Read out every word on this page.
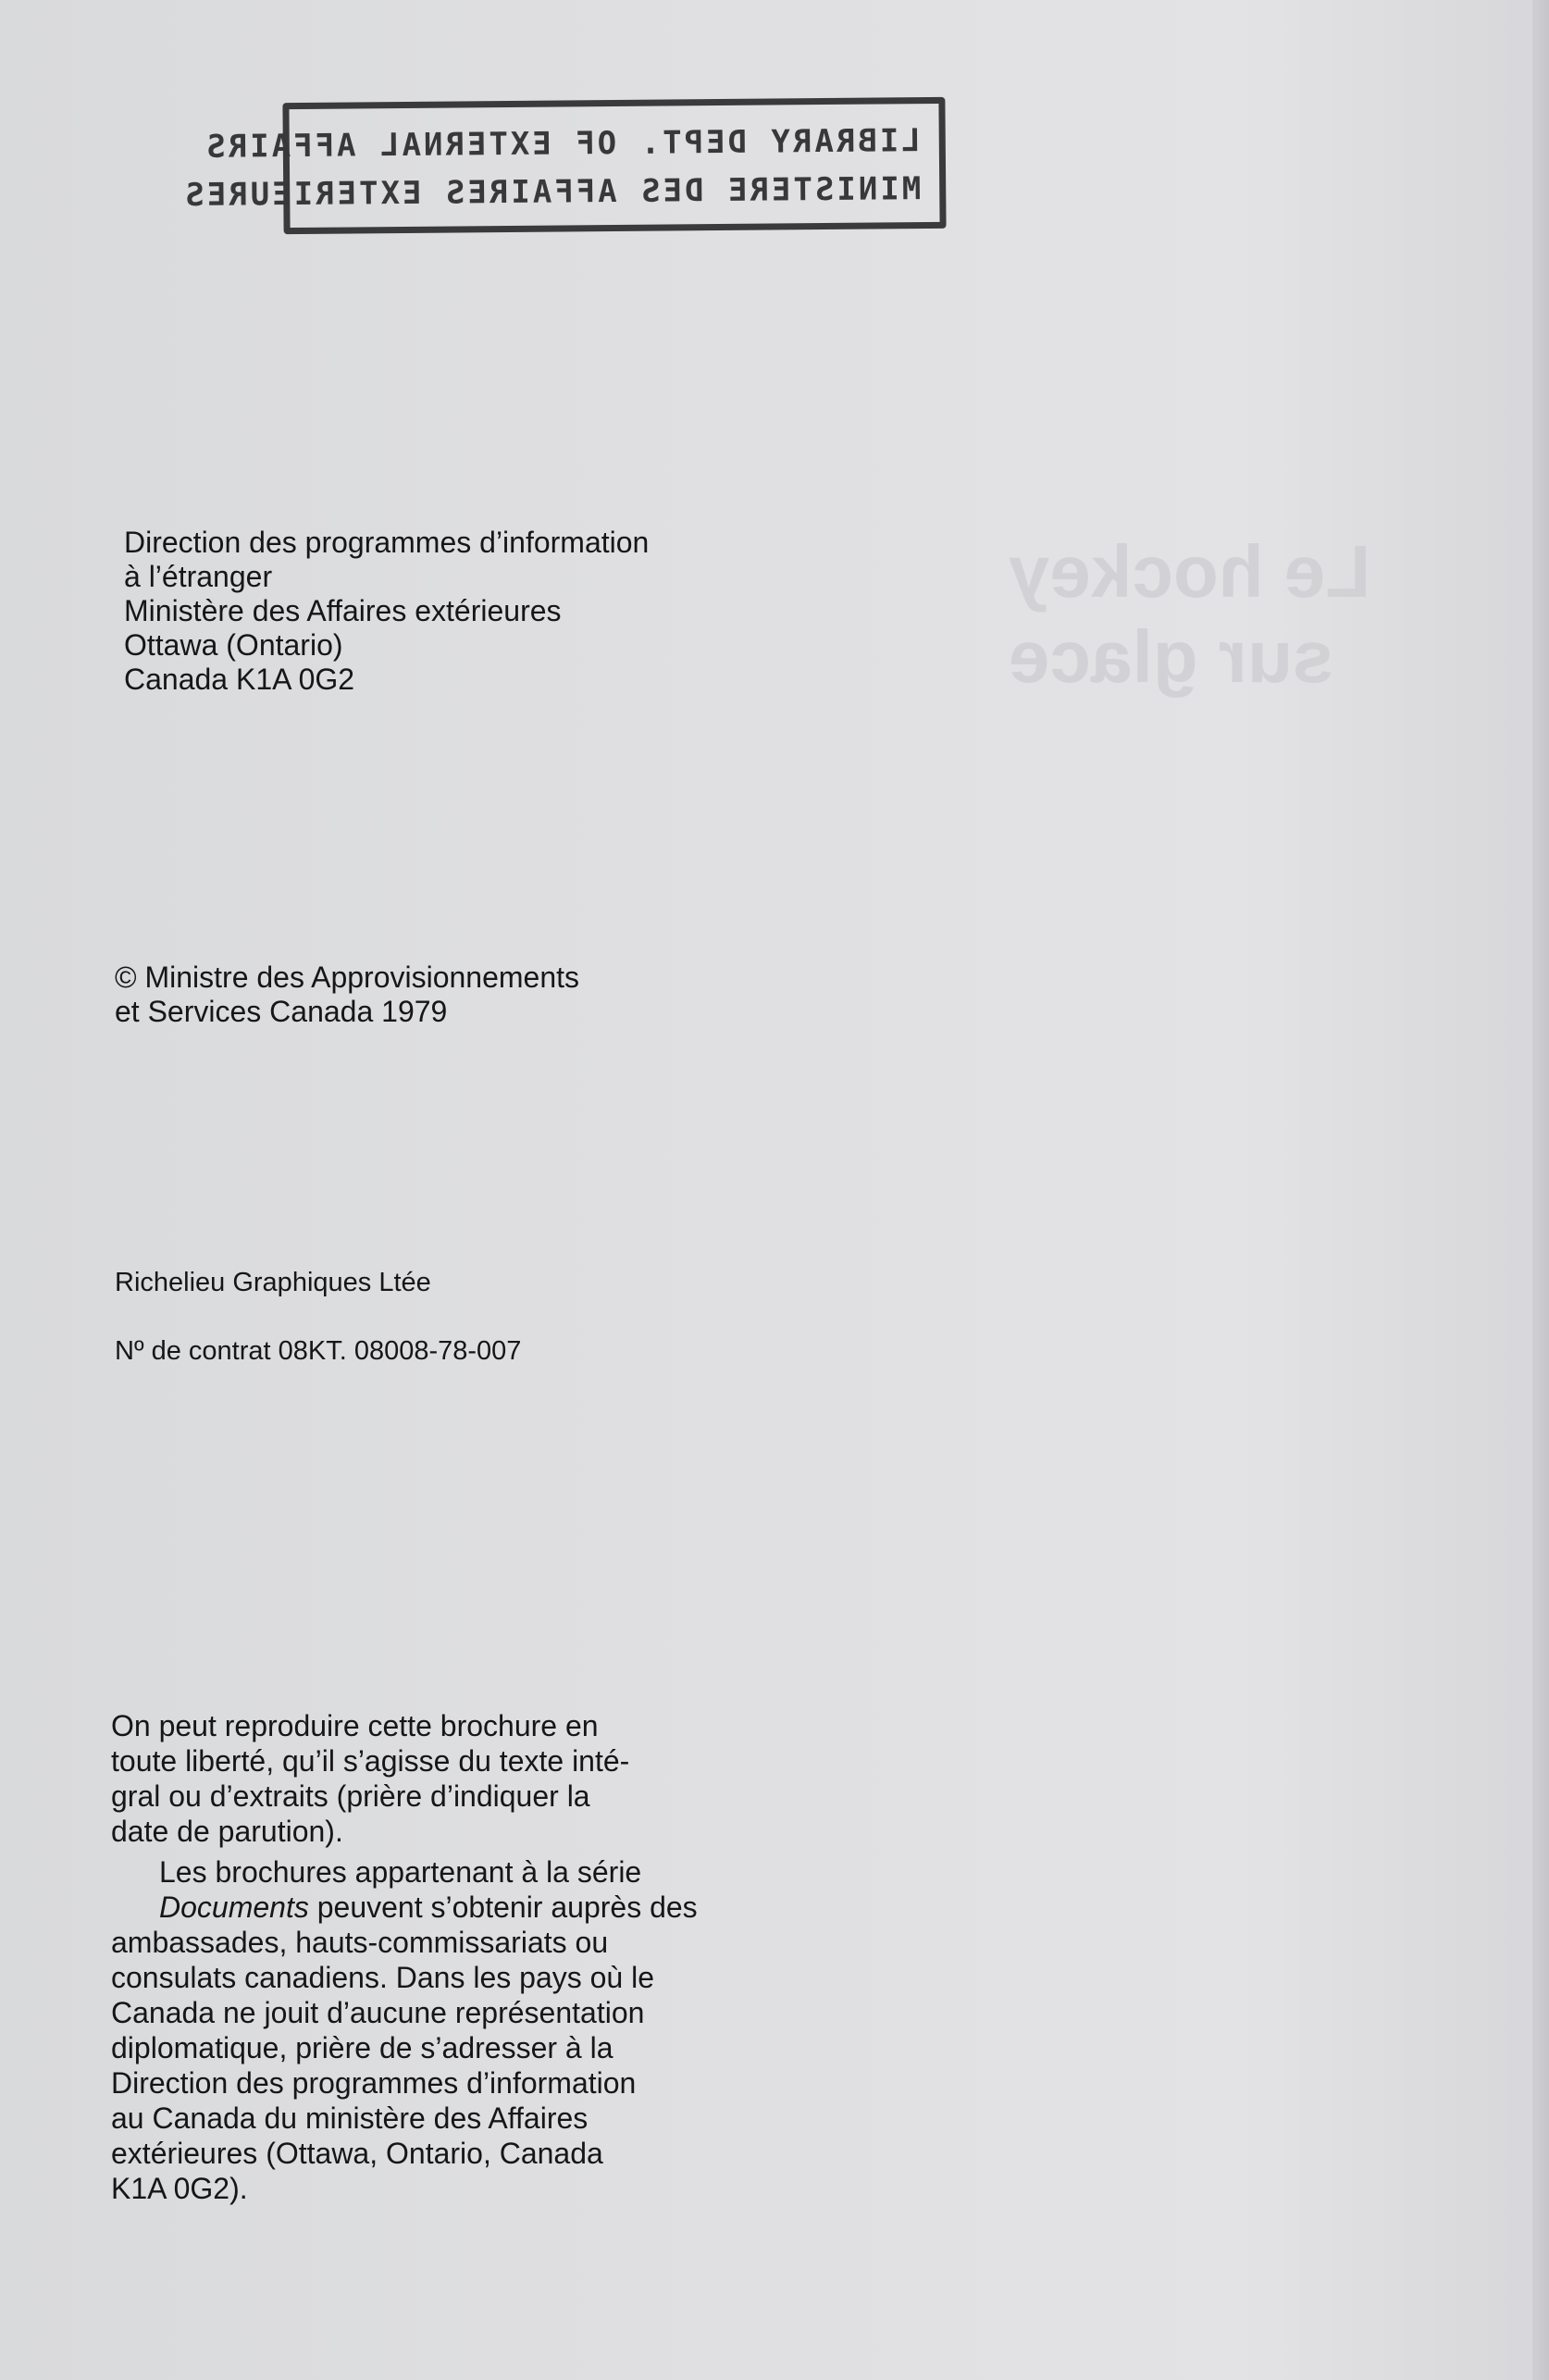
LIBRARY DEPT. OF EXTERNAL AFFAIRS
MINISTERE DES AFFAIRES EXTERIEURES
Le hockey
sur glace
Direction des programmes d’information
à l’étranger
Ministère des Affaires extérieures
Ottawa (Ontario)
Canada K1A 0G2
© Ministre des Approvisionnements
et Services Canada 1979
Richelieu Graphiques Ltée
Nº de contrat 08KT. 08008-78-007

On peut reproduire cette brochure en
toute liberté, qu’il s’agisse du texte inté-
gral ou d’extraits (prière d’indiquer la
date de parution).

Les brochures appartenant à la série
Documents peuvent s’obtenir auprès des

ambassades, hauts-commissariats ou
consulats canadiens. Dans les pays où le
Canada ne jouit d’aucune représentation
diplomatique, prière de s’adresser à la
Direction des programmes d’information
au Canada du ministère des Affaires
extérieures (Ottawa, Ontario, Canada
K1A 0G2).
